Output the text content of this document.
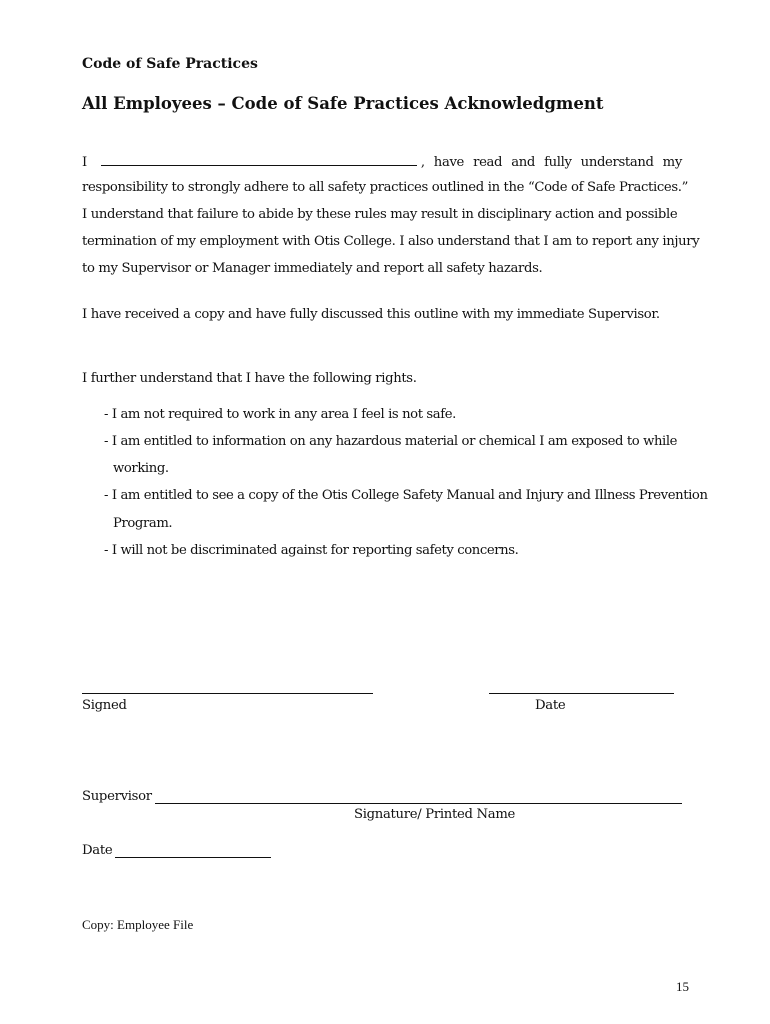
Code of Safe Practices
All Employees – Code of Safe Practices Acknowledgment
I	, have read and fully understand my
responsibility to strongly adhere to all safety practices outlined in the “Code of Safe Practices.”
I understand that failure to abide by these rules may result in disciplinary action and possible
termination of my employment with Otis College. I also understand that I am to report any injury
to my Supervisor or Manager immediately and report all safety hazards.
I have received a copy and have fully discussed this outline with my immediate Supervisor.
I further understand that I have the following rights.
- I am not required to work in any area I feel is not safe.
- I am entitled to information on any hazardous material or chemical I am exposed to while
working.
- I am entitled to see a copy of the Otis College Safety Manual and Injury and Illness Prevention
Program.
- I will not be discriminated against for reporting safety concerns.
Signed	Date
Supervisor
Signature/ Printed Name
Date
Copy: Employee File
15
